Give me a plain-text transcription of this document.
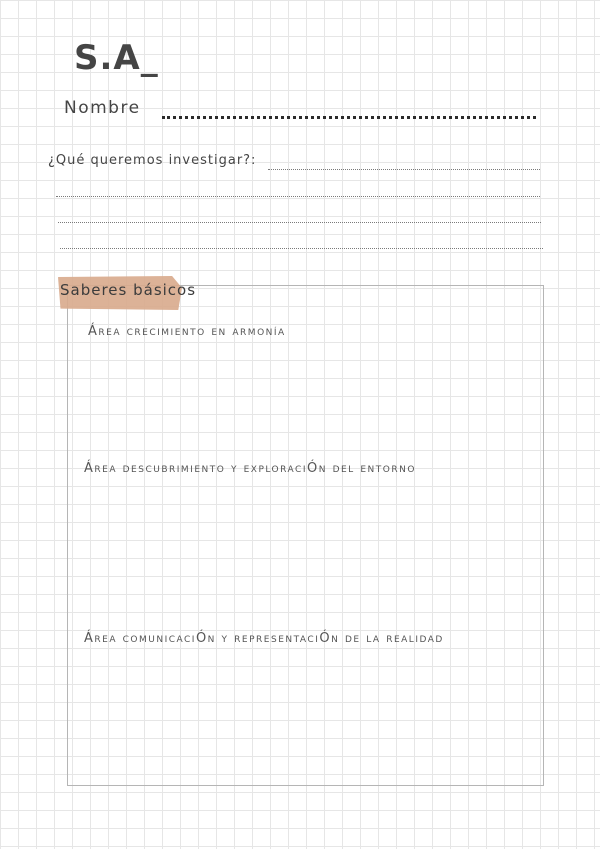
S.A_
Nombre
¿Qué queremos investigar?:
Saberes básicos
Área crecimiento en armonía
Área descubrimiento y exploraciÓn del entorno
Área comunicaciÓn y representaciÓn de la realidad
